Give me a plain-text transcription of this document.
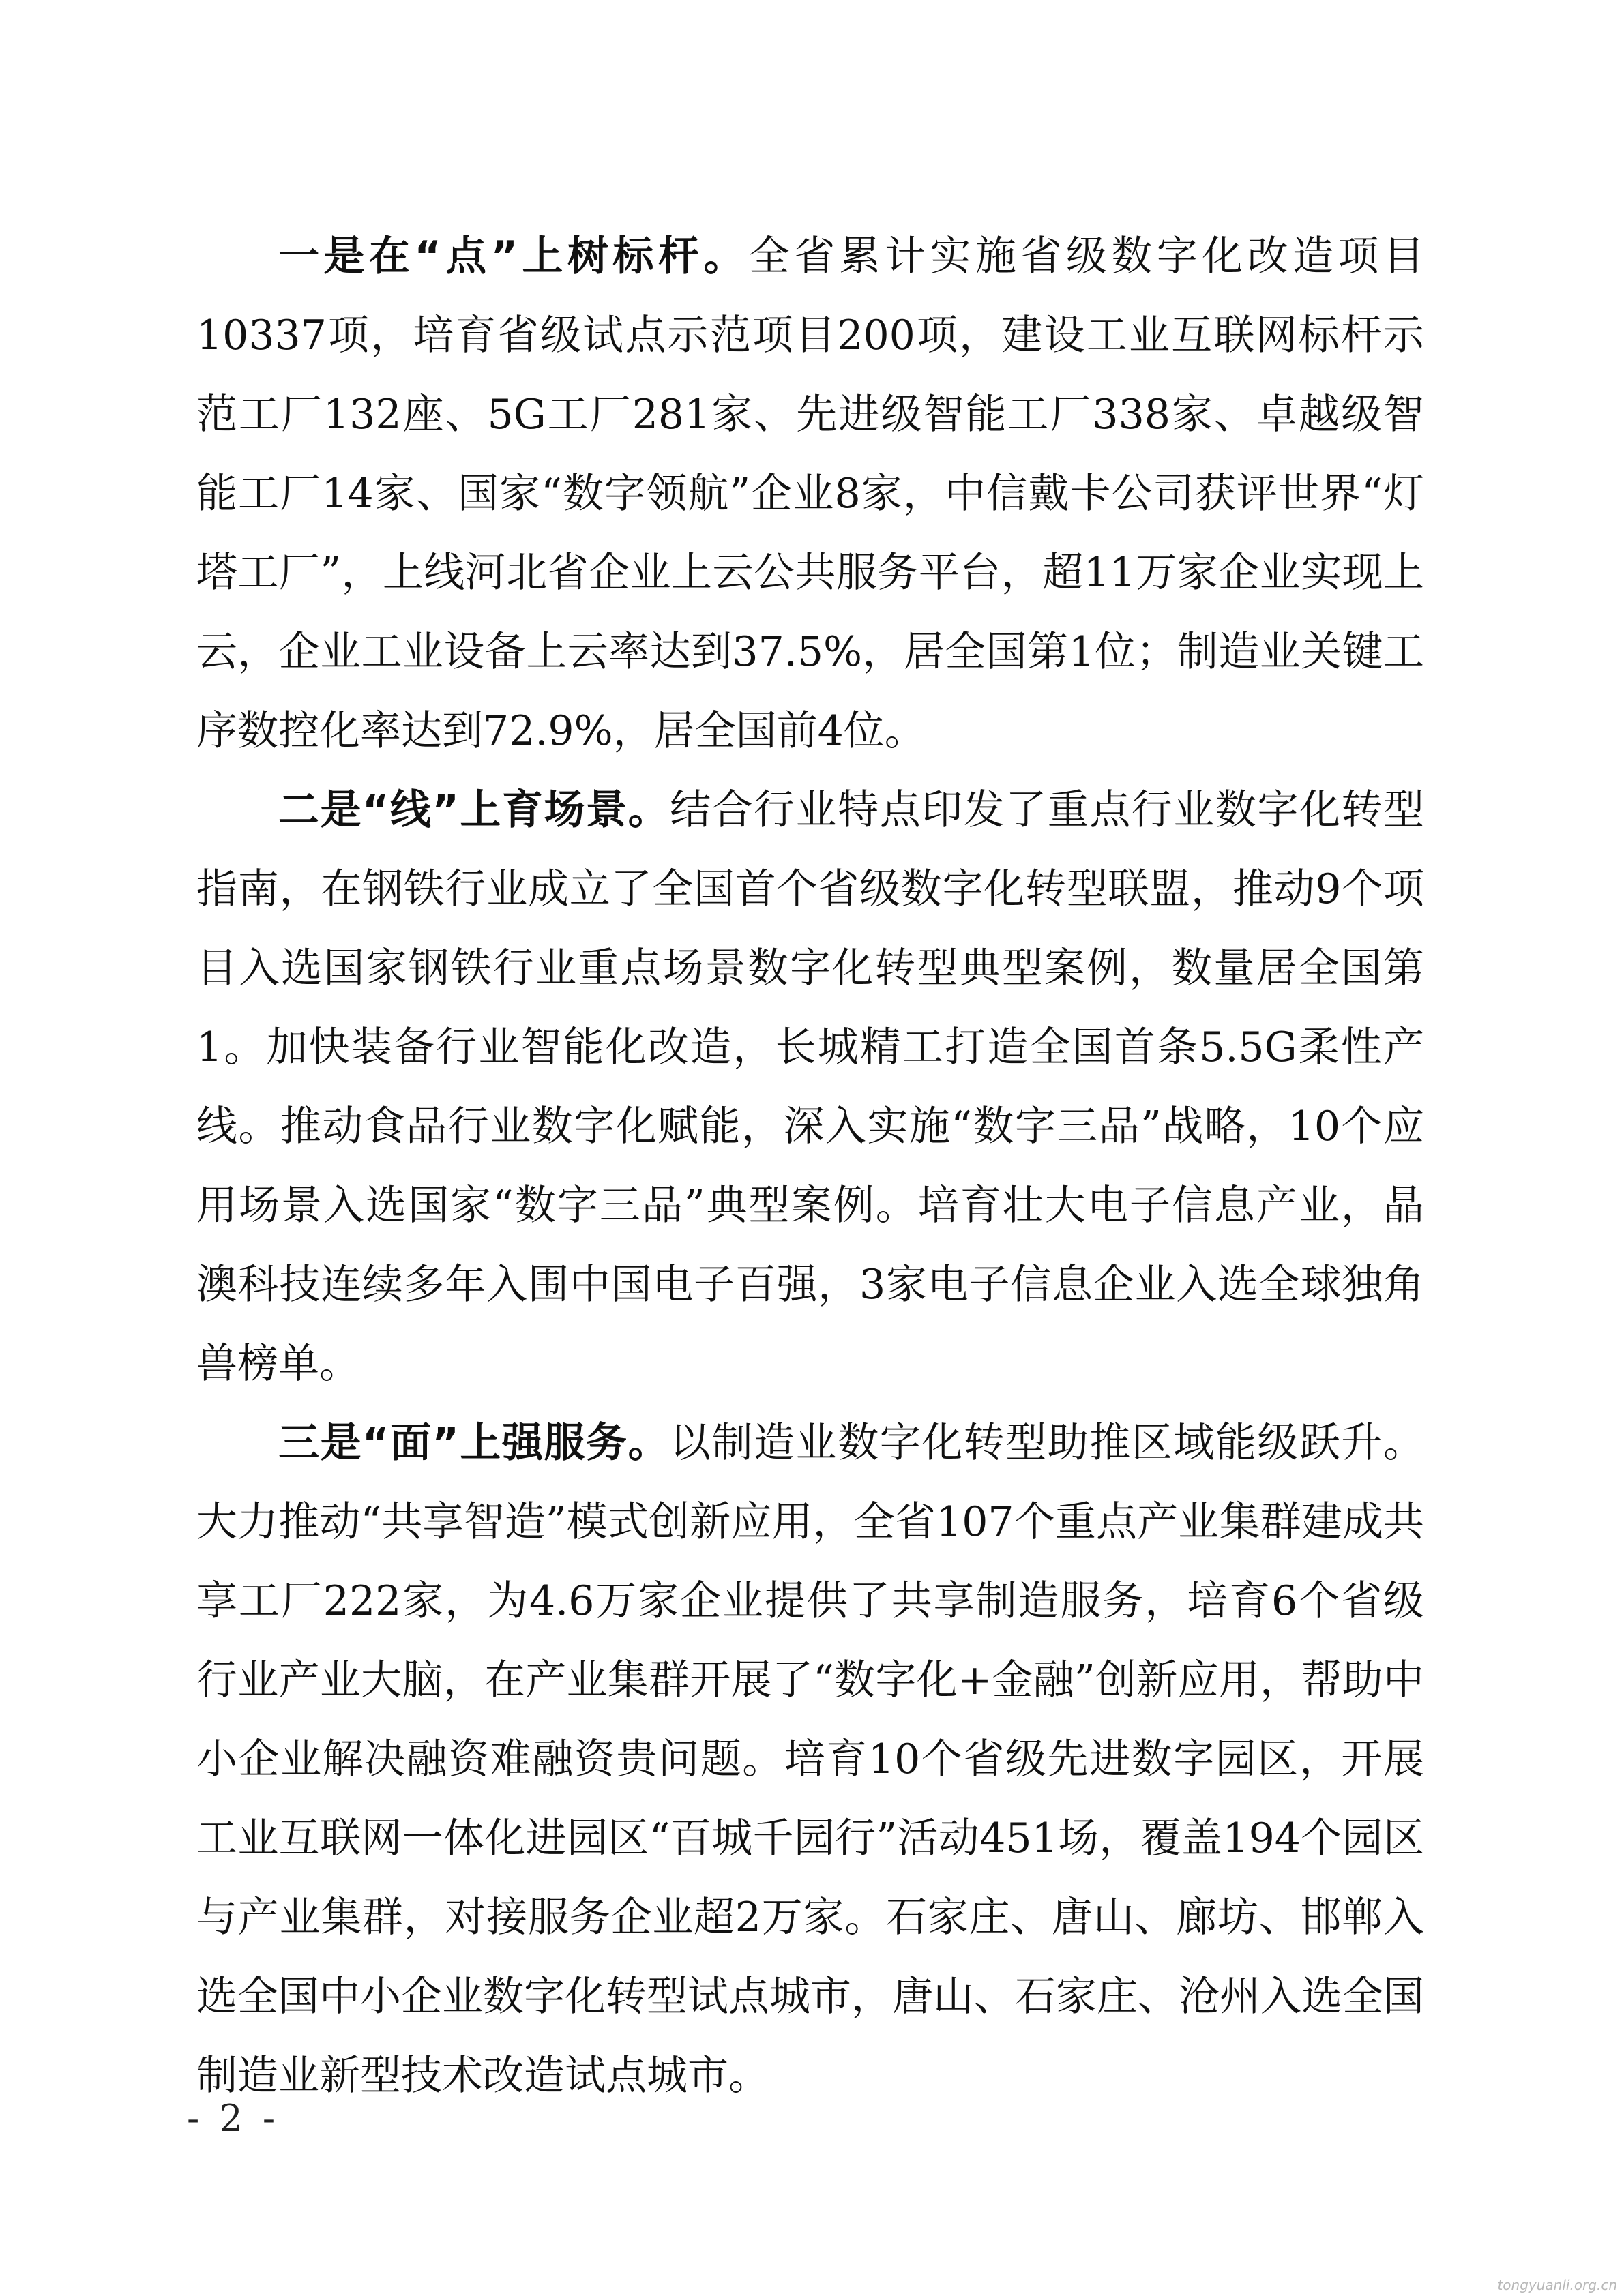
一是在“点”上树标杆。全省累计实施省级数字化改造项目10337项，培育省级试点示范项目200项，建设工业互联网标杆示范工厂132座、5G工厂281家、先进级智能工厂338家、卓越级智能工厂14家、国家“数字领航”企业8家，中信戴卡公司获评世界“灯塔工厂”，上线河北省企业上云公共服务平台，超11万家企业实现上云，企业工业设备上云率达到37.5%，居全国第1位；制造业关键工序数控化率达到72.9%，居全国前4位。

二是“线”上育场景。结合行业特点印发了重点行业数字化转型指南，在钢铁行业成立了全国首个省级数字化转型联盟，推动9个项目入选国家钢铁行业重点场景数字化转型典型案例，数量居全国第1。加快装备行业智能化改造，长城精工打造全国首条5.5G柔性产线。推动食品行业数字化赋能，深入实施“数字三品”战略，10个应用场景入选国家“数字三品”典型案例。培育壮大电子信息产业，晶澳科技连续多年入围中国电子百强，3家电子信息企业入选全球独角兽榜单。

三是“面”上强服务。以制造业数字化转型助推区域能级跃升。大力推动“共享智造”模式创新应用，全省107个重点产业集群建成共享工厂222家，为4.6万家企业提供了共享制造服务，培育6个省级行业产业大脑，在产业集群开展了“数字化+金融”创新应用，帮助中小企业解决融资难融资贵问题。培育10个省级先进数字园区，开展工业互联网一体化进园区“百城千园行”活动451场，覆盖194个园区与产业集群，对接服务企业超2万家。石家庄、唐山、廊坊、邯郸入选全国中小企业数字化转型试点城市，唐山、石家庄、沧州入选全国制造业新型技术改造试点城市。

- 2 -
tongyuanli.org.cn
